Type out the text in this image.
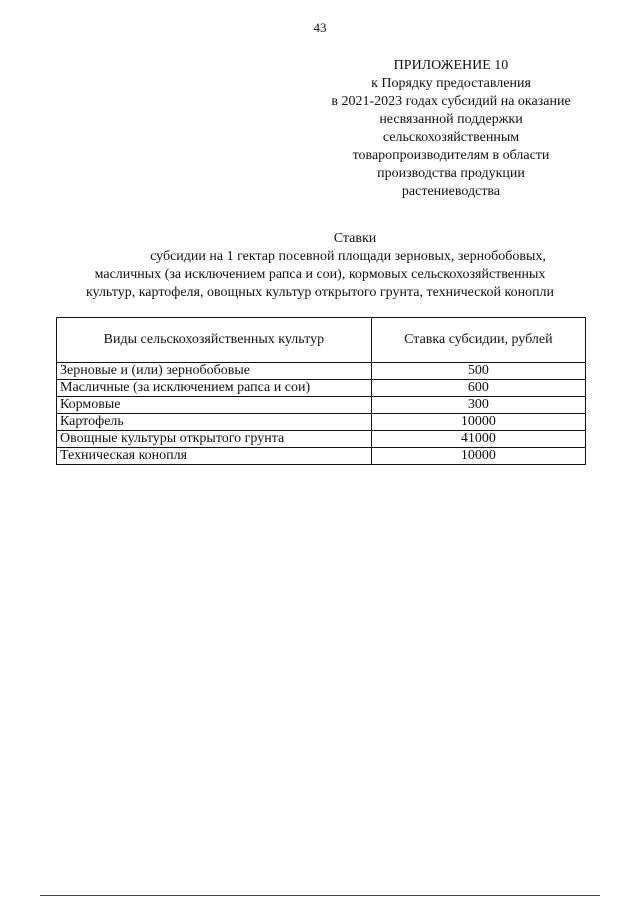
43
ПРИЛОЖЕНИЕ 10
к Порядку предоставления
в 2021-2023 годах субсидий на оказание
несвязанной поддержки
сельскохозяйственным
товаропроизводителям в области
производства продукции
растениеводства
Ставки
субсидии на 1 гектар посевной площади зерновых, зернобобовых,
масличных (за исключением рапса и сои), кормовых сельскохозяйственных
культур, картофеля, овощных культур открытого грунта, технической конопли
Виды сельскохозяйственных культур	Ставка субсидии, рублей
Зерновые и (или) зернобобовые	500
Масличные (за исключением рапса и сои)	600
Кормовые	300
Картофель	10000
Овощные культуры открытого грунта	41000
Техническая конопля	10000
